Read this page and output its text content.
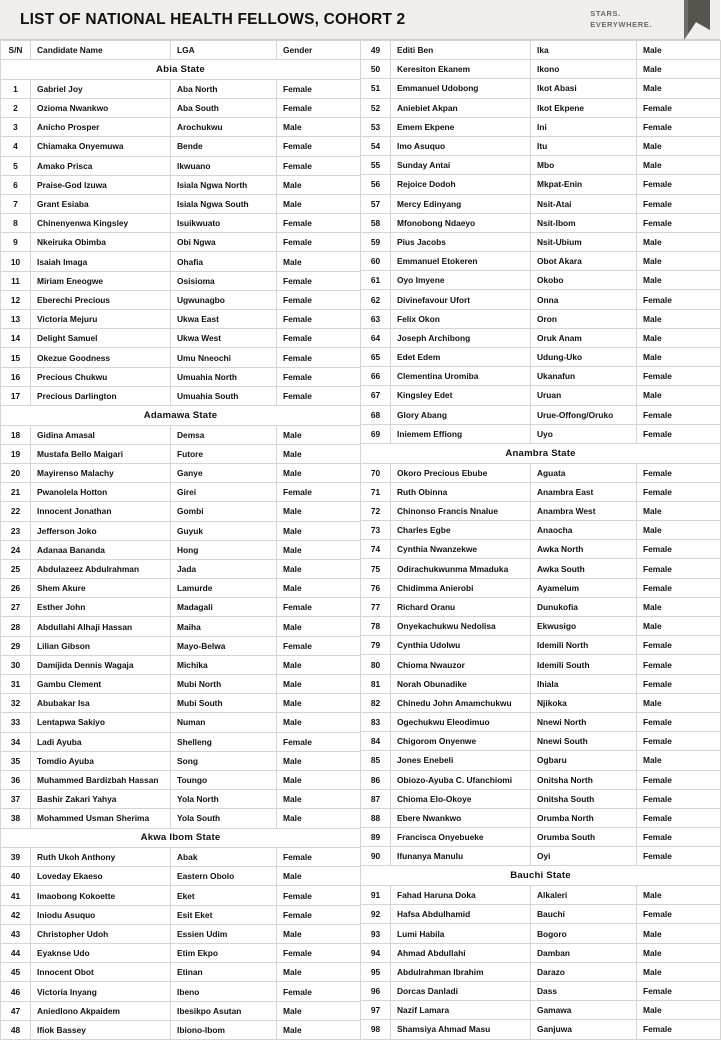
LIST OF NATIONAL HEALTH FELLOWS, COHORT 2	STARS.
EVERYWHERE.
S/N	Candidate Name	LGA	Gender
Abia State			
1	Gabriel Joy	Aba North	Female
2	Ozioma Nwankwo	Aba South	Female
3	Anicho Prosper	Arochukwu	Male
4	Chiamaka Onyemuwa	Bende	Female
5	Amako Prisca	Ikwuano	Female
6	Praise-God Izuwa	Isiala Ngwa North	Male
7	Grant Esiaba	Isiala Ngwa South	Male
8	Chinenyenwa Kingsley	Isuikwuato	Female
9	Nkeiruka Obimba	Obi Ngwa	Female
10	Isaiah Imaga	Ohafia	Male
11	Miriam Eneogwe	Osisioma	Female
12	Eberechi Precious	Ugwunagbo	Female
13	Victoria Mejuru	Ukwa East	Female
14	Delight Samuel	Ukwa West	Female
15	Okezue Goodness	Umu Nneochi	Female
16	Precious Chukwu	Umuahia North	Female
17	Precious Darlington	Umuahia South	Female
Adamawa State			
18	Gidina Amasal	Demsa	Male
19	Mustafa Bello Maigari	Futore	Male
20	Mayirenso Malachy	Ganye	Male
21	Pwanolela Hotton	Girei	Female
22	Innocent Jonathan	Gombi	Male
23	Jefferson Joko	Guyuk	Male
24	Adanaa Bananda	Hong	Male
25	Abdulazeez Abdulrahman	Jada	Male
26	Shem Akure	Lamurde	Male
27	Esther John	Madagali	Female
28	Abdullahi Alhaji Hassan	Maiha	Male
29	Lilian Gibson	Mayo-Belwa	Female
30	Damijida Dennis Wagaja	Michika	Male
31	Gambu Clement	Mubi North	Male
32	Abubakar Isa	Mubi South	Male
33	Lentapwa Sakiyo	Numan	Male
34	Ladi Ayuba	Shelleng	Female
35	Tomdio Ayuba	Song	Male
36	Muhammed Bardizbah Hassan	Toungo	Male
37	Bashir Zakari Yahya	Yola North	Male
38	Mohammed Usman Sherima	Yola South	Male
Akwa Ibom State			
39	Ruth Ukoh Anthony	Abak	Female
40	Loveday Ekaeso	Eastern Obolo	Male
41	Imaobong Kokoette	Eket	Female
42	Iniodu Asuquo	Esit Eket	Female
43	Christopher Udoh	Essien Udim	Male
44	Eyaknse Udo	Etim Ekpo	Female
45	Innocent Obot	Etinan	Male
46	Victoria Inyang	Ibeno	Female
47	Aniedlono Akpaidem	Ibesikpo Asutan	Male
48	Ifiok Bassey	Ibiono-Ibom	Male
49	Editi Ben	Ika	Male
50	Keresiton Ekanem	Ikono	Male
51	Emmanuel Udobong	Ikot Abasi	Male
52	Aniebiet Akpan	Ikot Ekpene	Female
53	Emem Ekpene	Ini	Female
54	Imo Asuquo	Itu	Male
55	Sunday Antai	Mbo	Male
56	Rejoice Dodoh	Mkpat-Enin	Female
57	Mercy Edinyang	Nsit-Atai	Female
58	Mfonobong Ndaeyo	Nsit-Ibom	Female
59	Pius Jacobs	Nsit-Ubium	Male
60	Emmanuel Etokeren	Obot Akara	Male
61	Oyo Imyene	Okobo	Male
62	Divinefavour Ufort	Onna	Female
63	Felix Okon	Oron	Male
64	Joseph Archibong	Oruk Anam	Male
65	Edet Edem	Udung-Uko	Male
66	Clementina Uromiba	Ukanafun	Female
67	Kingsley Edet	Uruan	Male
68	Glory Abang	Urue-Offong/Oruko	Female
69	Iniemem Effiong	Uyo	Female
Anambra State			
70	Okoro Precious Ebube	Aguata	Female
71	Ruth Obinna	Anambra East	Female
72	Chinonso Francis Nnalue	Anambra West	Male
73	Charles Egbe	Anaocha	Male
74	Cynthia Nwanzekwe	Awka North	Female
75	Odirachukwunma Mmaduka	Awka South	Female
76	Chidimma Anierobi	Ayamelum	Female
77	Richard Oranu	Dunukofia	Male
78	Onyekachukwu Nedolisa	Ekwusigo	Male
79	Cynthia Udolwu	Idemili North	Female
80	Chioma Nwauzor	Idemili South	Female
81	Norah Obunadike	Ihiala	Female
82	Chinedu John Amamchukwu	Njikoka	Male
83	Ogechukwu Eleodimuo	Nnewi North	Female
84	Chigorom Onyenwe	Nnewi South	Female
85	Jones Enebeli	Ogbaru	Male
86	Obiozo-Ayuba C. Ufanchiomi	Onitsha North	Female
87	Chioma Elo-Okoye	Onitsha South	Female
88	Ebere Nwankwo	Orumba North	Female
89	Francisca Onyebueke	Orumba South	Female
90	Ifunanya Manulu	Oyi	Female
Bauchi State			
91	Fahad Haruna Doka	Alkaleri	Male
92	Hafsa Abdulhamid	Bauchi	Female
93	Lumi Habila	Bogoro	Male
94	Ahmad Abdullahi	Damban	Male
95	Abdulrahman Ibrahim	Darazo	Male
96	Dorcas Danladi	Dass	Female
97	Nazif Lamara	Gamawa	Male
98	Shamsiya Ahmad Masu	Ganjuwa	Female
